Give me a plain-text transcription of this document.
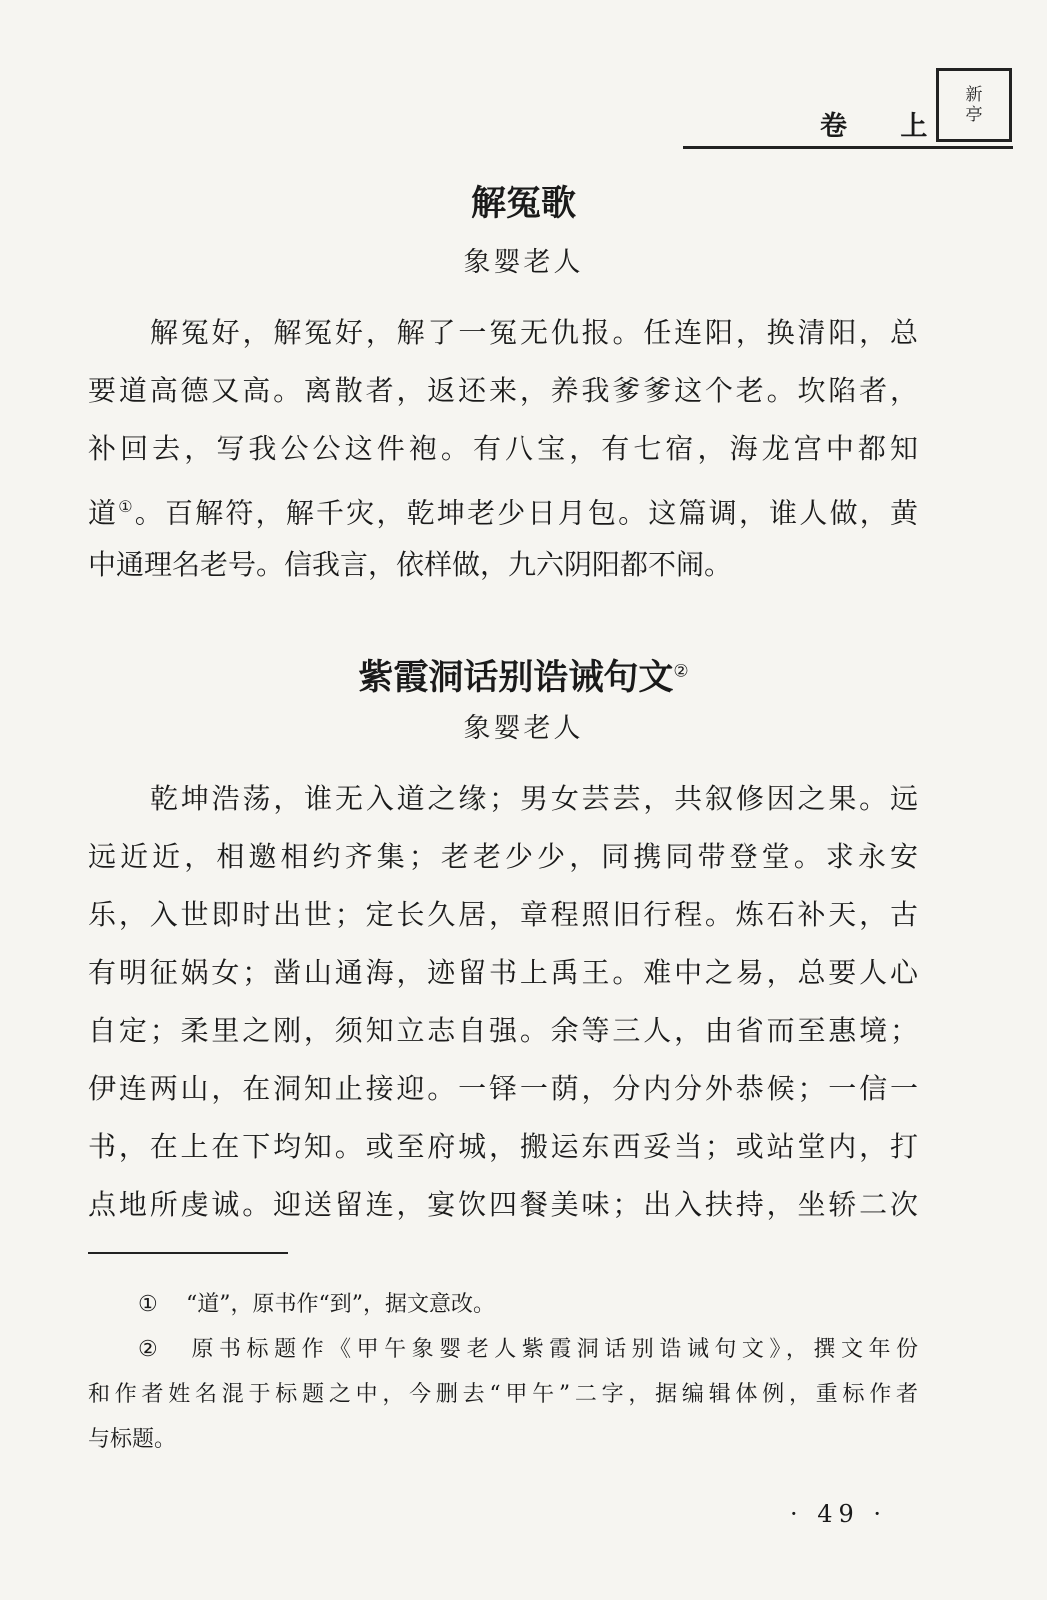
卷 上
新
亭
解冤歌
象婴老人
解冤好，解冤好，解了一冤无仇报。任连阳，换清阳，总
要道高德又高。离散者，返还来，养我爹爹这个老。坎陷者，
补回去，写我公公这件袍。有八宝，有七宿，海龙宫中都知
道①。百解符，解千灾，乾坤老少日月包。这篇调，谁人做，黄
中通理名老号。信我言，依样做，九六阴阳都不闹。
紫霞洞话别诰诫句文②
象婴老人
乾坤浩荡，谁无入道之缘；男女芸芸，共叙修因之果。远
远近近，相邀相约齐集；老老少少，同携同带登堂。求永安
乐，入世即时出世；定长久居，章程照旧行程。炼石补天，古
有明征娲女；凿山通海，迹留书上禹王。难中之易，总要人心
自定；柔里之刚，须知立志自强。余等三人，由省而至惠境；
伊连两山，在洞知止接迎。一铎一荫，分内分外恭候；一信一
书，在上在下均知。或至府城，搬运东西妥当；或站堂内，打
点地所虔诚。迎送留连，宴饮四餐美味；出入扶持，坐轿二次
① “道”，原书作“到”，据文意改。
② 原书标题作《甲午象婴老人紫霞洞话别诰诫句文》，撰文年份
和作者姓名混于标题之中，今删去“甲午”二字，据编辑体例，重标作者
与标题。
· 49 ·
